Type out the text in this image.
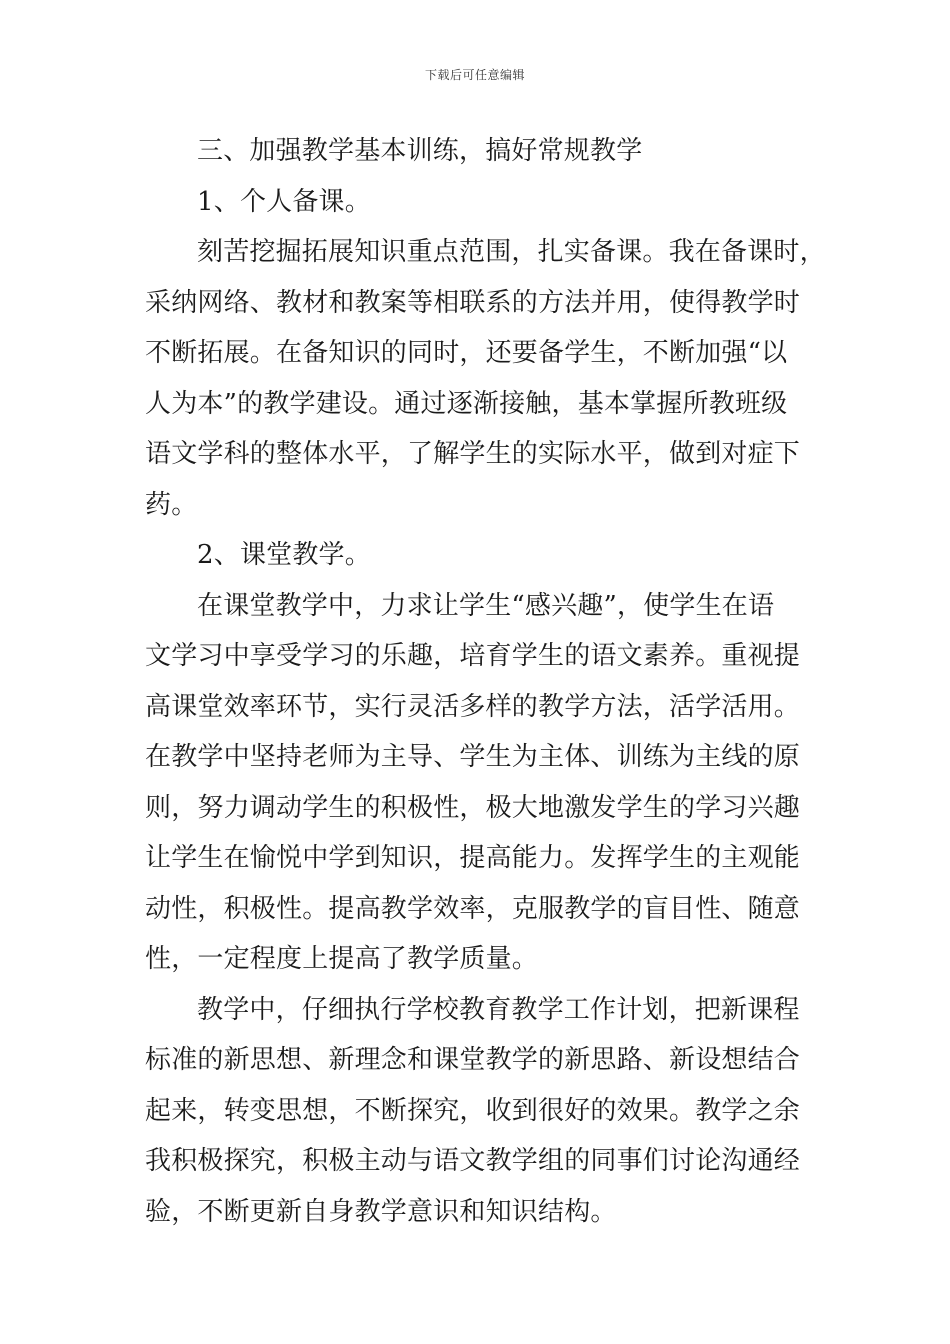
下载后可任意编辑
三、加强教学基本训练，搞好常规教学
1、个人备课。
刻苦挖掘拓展知识重点范围，扎实备课。我在备课时，
采纳网络、教材和教案等相联系的方法并用，使得教学时
不断拓展。在备知识的同时，还要备学生，不断加强“以
人为本”的教学建设。通过逐渐接触，基本掌握所教班级
语文学科的整体水平，了解学生的实际水平，做到对症下
药。
2、课堂教学。
在课堂教学中，力求让学生“感兴趣”，使学生在语
文学习中享受学习的乐趣，培育学生的语文素养。重视提
高课堂效率环节，实行灵活多样的教学方法，活学活用。
在教学中坚持老师为主导、学生为主体、训练为主线的原
则，努力调动学生的积极性，极大地激发学生的学习兴趣
让学生在愉悦中学到知识，提高能力。发挥学生的主观能
动性，积极性。提高教学效率，克服教学的盲目性、随意
性，一定程度上提高了教学质量。
教学中，仔细执行学校教育教学工作计划，把新课程
标准的新思想、新理念和课堂教学的新思路、新设想结合
起来，转变思想，不断探究，收到很好的效果。教学之余
我积极探究，积极主动与语文教学组的同事们讨论沟通经
验，不断更新自身教学意识和知识结构。
